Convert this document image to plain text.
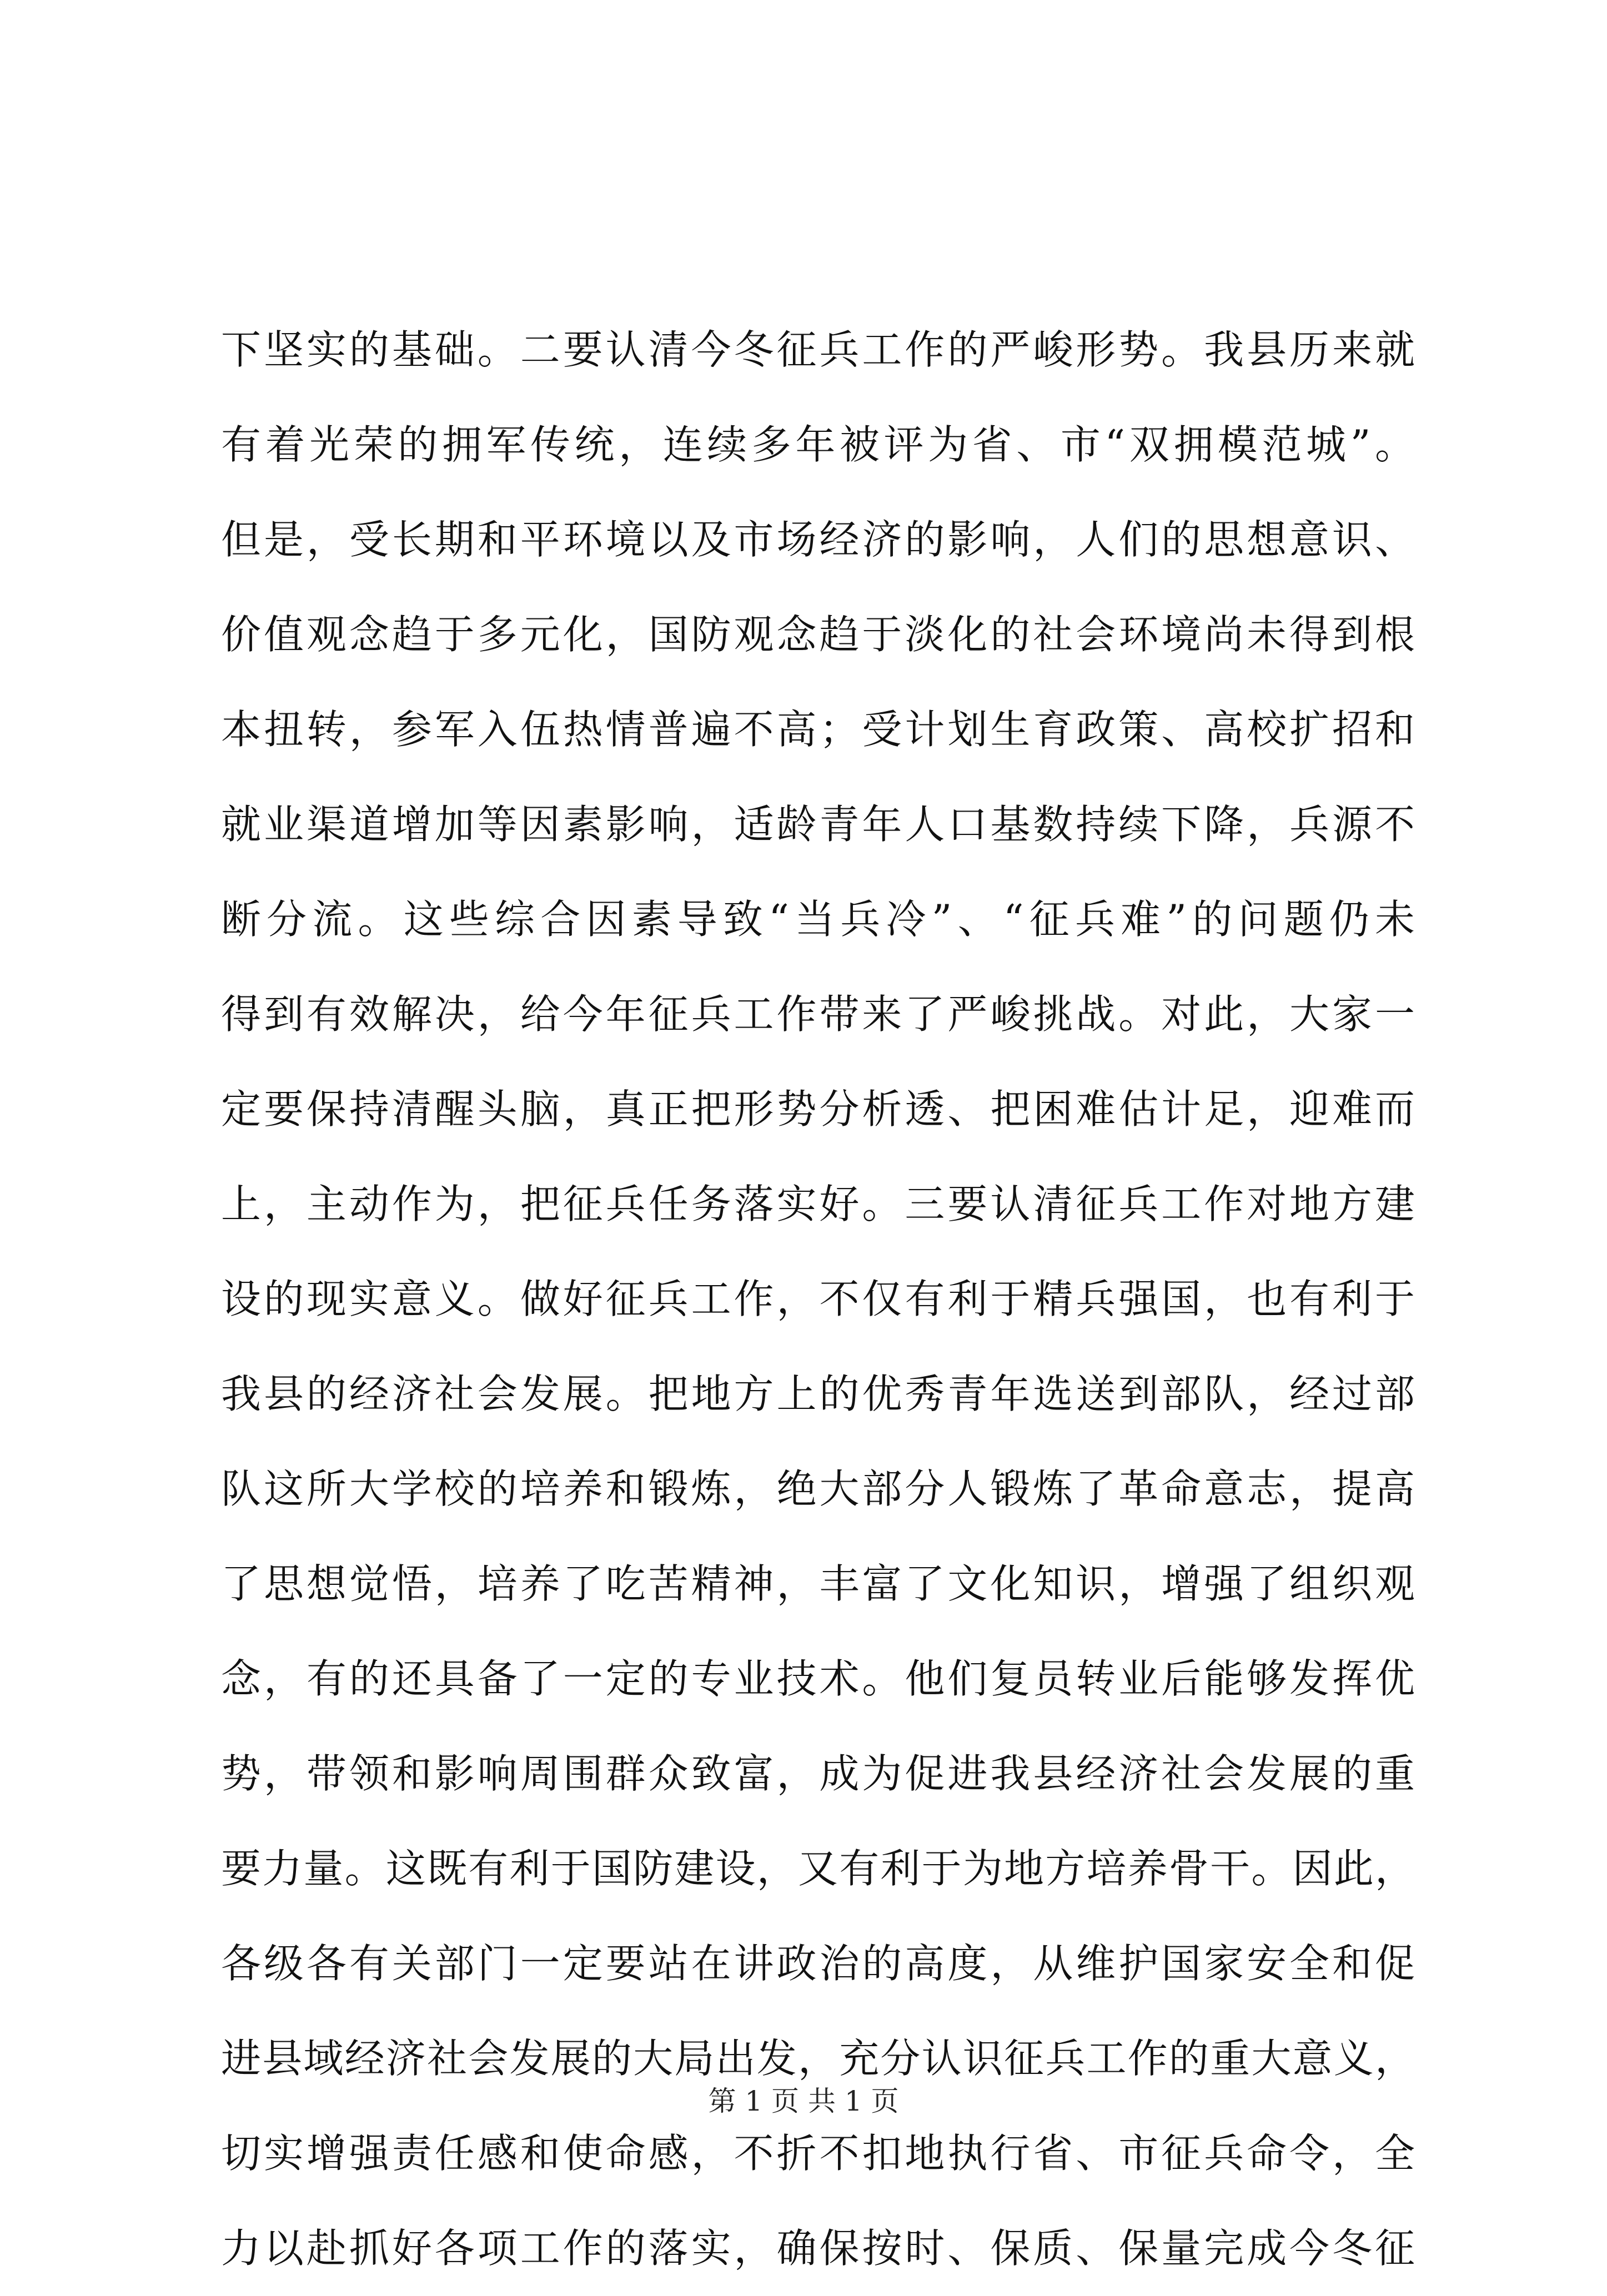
下坚实的基础。二要认清今冬征兵工作的严峻形势。我县历来就
有着光荣的拥军传统，连续多年被评为省、市“双拥模范城”。
但是，受长期和平环境以及市场经济的影响，人们的思想意识、
价值观念趋于多元化，国防观念趋于淡化的社会环境尚未得到根
本扭转，参军入伍热情普遍不高；受计划生育政策、高校扩招和
就业渠道增加等因素影响，适龄青年人口基数持续下降，兵源不
断分流。这些综合因素导致“当兵冷”、“征兵难”的问题仍未
得到有效解决，给今年征兵工作带来了严峻挑战。对此，大家一
定要保持清醒头脑，真正把形势分析透、把困难估计足，迎难而
上，主动作为，把征兵任务落实好。三要认清征兵工作对地方建
设的现实意义。做好征兵工作，不仅有利于精兵强国，也有利于
我县的经济社会发展。把地方上的优秀青年选送到部队，经过部
队这所大学校的培养和锻炼，绝大部分人锻炼了革命意志，提高
了思想觉悟，培养了吃苦精神，丰富了文化知识，增强了组织观
念，有的还具备了一定的专业技术。他们复员转业后能够发挥优
势，带领和影响周围群众致富，成为促进我县经济社会发展的重
要力量。这既有利于国防建设，又有利于为地方培养骨干。因此，
各级各有关部门一定要站在讲政治的高度，从维护国家安全和促
进县域经济社会发展的大局出发，充分认识征兵工作的重大意义，
切实增强责任感和使命感，不折不扣地执行省、市征兵命令，全
力以赴抓好各项工作的落实，确保按时、保质、保量完成今冬征
第 1 页 共 1 页
